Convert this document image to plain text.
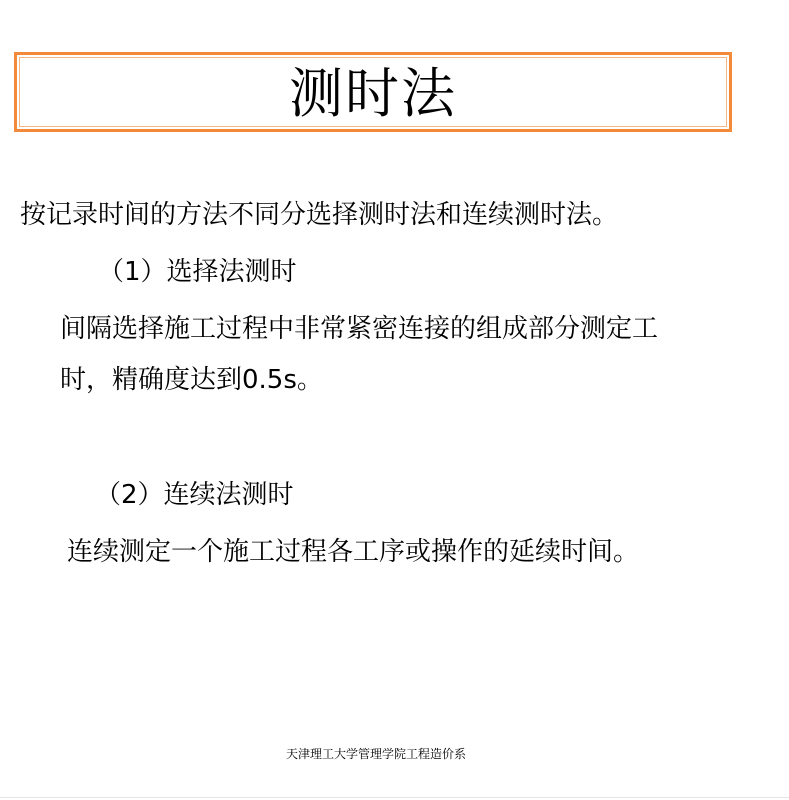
测时法
按记录时间的方法不同分选择测时法和连续测时法。
（1）选择法测时
间隔选择施工过程中非常紧密连接的组成部分测定工
时，精确度达到0.5s。
（2）连续法测时
连续测定一个施工过程各工序或操作的延续时间。
天津理工大学管理学院工程造价系
